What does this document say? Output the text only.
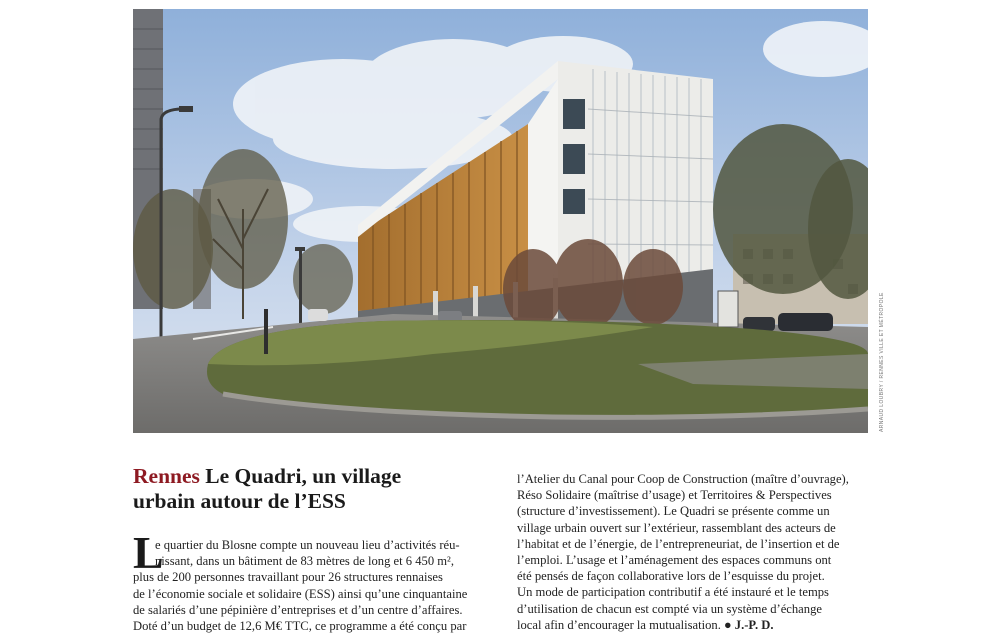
ARNAUD LOUBRY / RENNES VILLE ET MÉTROPOLE
Rennes Le Quadri, un village
urbain autour de l’ESS
L
e quartier du Blosne compte un nouveau lieu d’activités réu-
nissant, dans un bâtiment de 83 mètres de long et 6 450 m²,
plus de 200 personnes travaillant pour 26 structures rennaises
de l’économie sociale et solidaire (ESS) ainsi qu’une cinquantaine
de salariés d’une pépinière d’entreprises et d’un centre d’affaires.
Doté d’un budget de 12,6 M€ TTC, ce programme a été conçu par
l’Atelier du Canal pour Coop de Construction (maître d’ouvrage),
Réso Solidaire (maîtrise d’usage) et Territoires & Perspectives
(structure d’investissement). Le Quadri se présente comme un
village urbain ouvert sur l’extérieur, rassemblant des acteurs de
l’habitat et de l’énergie, de l’entrepreneuriat, de l’insertion et de
l’emploi. L’usage et l’aménagement des espaces communs ont
été pensés de façon collaborative lors de l’esquisse du projet.
Un mode de participation contributif a été instauré et le temps
d’utilisation de chacun est compté via un système d’échange
local afin d’encourager la mutualisation. ● J.-P. D.
